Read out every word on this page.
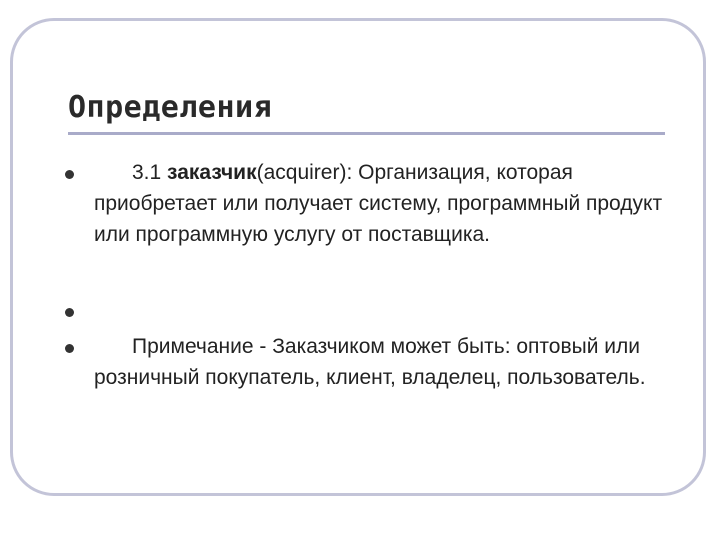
Определения

3.1 заказчик(acquirer): Организация, которая приобретает или получает систему, программный продукт или программную услугу от поставщика.

Примечание - Заказчиком может быть: оптовый или розничный покупатель, клиент, владелец, пользователь.
